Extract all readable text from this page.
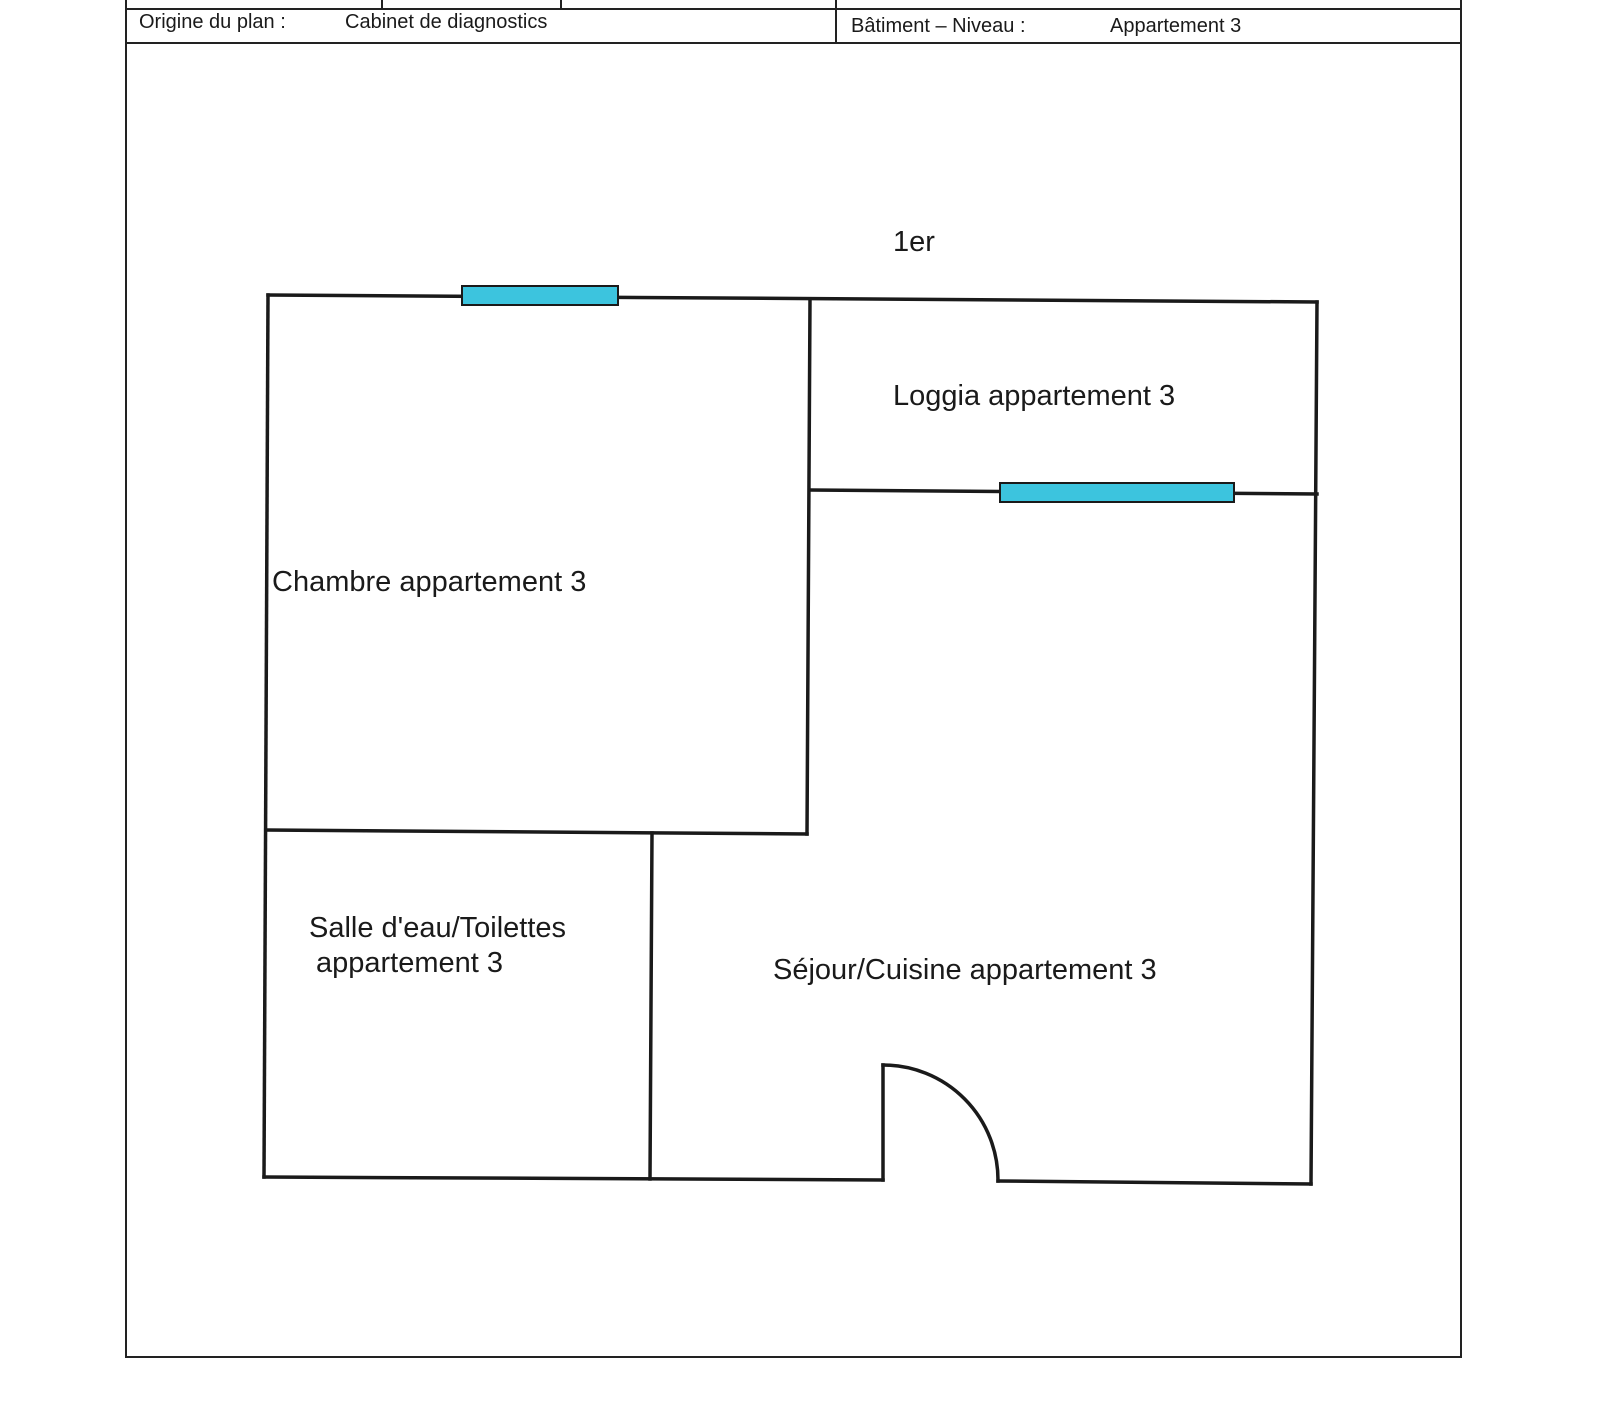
Origine du plan :	Cabinet de diagnostics	Bâtiment – Niveau :	Appartement 3
1er
Loggia appartement 3
Chambre appartement 3
Salle d'eau/Toilettes
appartement 3	Séjour/Cuisine appartement 3
